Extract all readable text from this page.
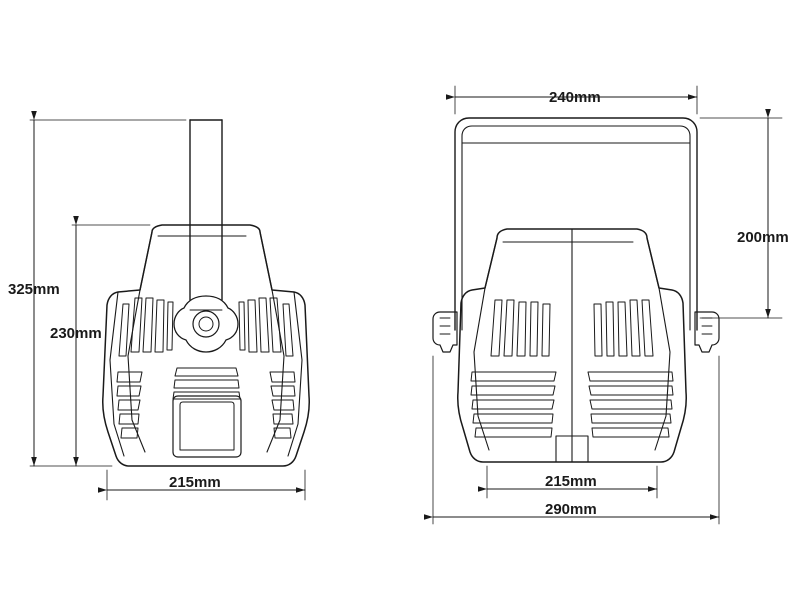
325mm
230mm
215mm
240mm
200mm
215mm
290mm
